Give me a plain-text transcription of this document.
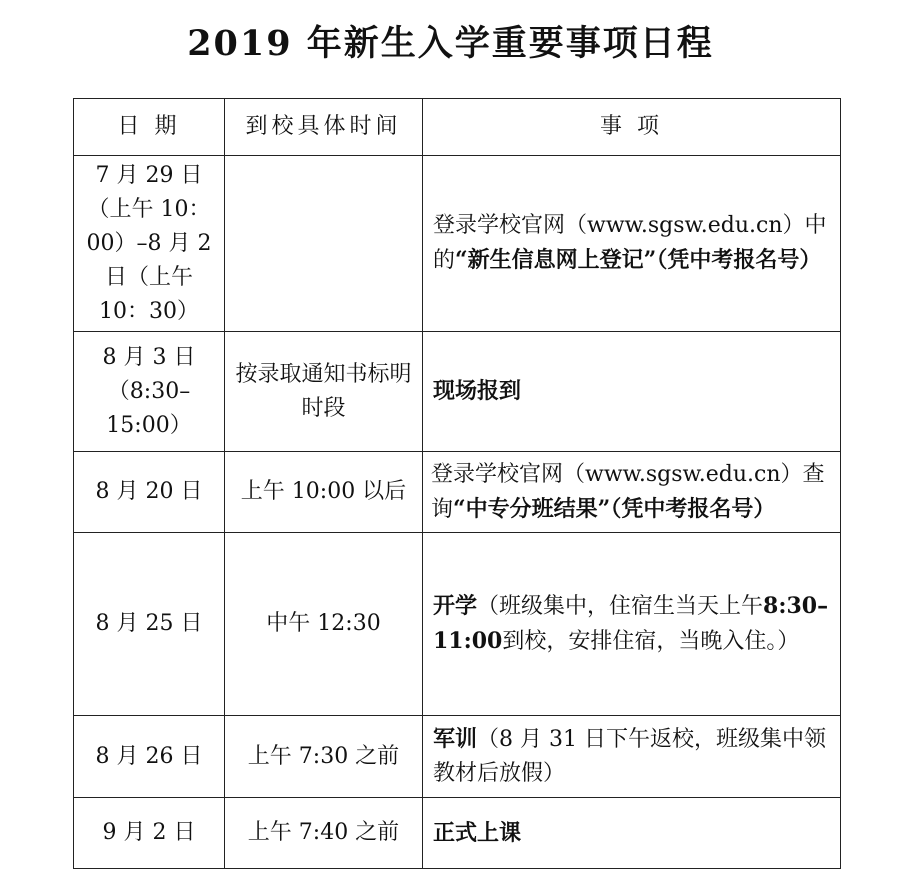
2019 年新生入学重要事项日程
日 期	到校具体时间	事 项
7 月 29 日（上午 10：00）–8 月 2 日（上午 10：30）		登录学校官网（www.sgsw.edu.cn）中的“新生信息网上登记”（凭中考报名号）
8 月 3 日（8:30–15:00）	按录取通知书标明时段	现场报到
8 月 20 日	上午 10:00 以后	登录学校官网（www.sgsw.edu.cn）查询“中专分班结果”（凭中考报名号）
8 月 25 日	中午 12:30	开学（班级集中，住宿生当天上午8:30–11:00到校，安排住宿，当晚入住。）
8 月 26 日	上午 7:30 之前	军训（8 月 31 日下午返校，班级集中领教材后放假）
9 月 2 日	上午 7:40 之前	正式上课
